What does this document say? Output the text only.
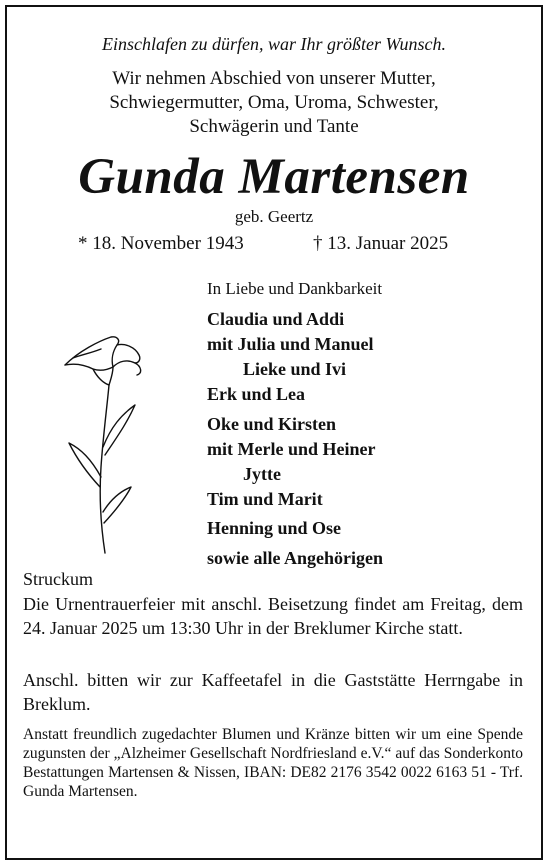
Einschlafen zu dürfen, war Ihr größter Wunsch.
Wir nehmen Abschied von unserer Mutter,
Schwiegermutter, Oma, Uroma, Schwester,
Schwägerin und Tante
Gunda Martensen
geb. Geertz
* 18. November 1943	† 13. Januar 2025
In Liebe und Dankbarkeit
Claudia und Addi
mit Julia und Manuel
Lieke und Ivi
Erk und Lea
Oke und Kirsten
mit Merle und Heiner
Jytte
Tim und Marit
Henning und Ose
sowie alle Angehörigen
Struckum
Die Urnentrauerfeier mit anschl. Beisetzung findet am Freitag, dem 24. Januar 2025 um 13:30 Uhr in der Breklumer Kirche statt.
Anschl. bitten wir zur Kaffeetafel in die Gaststätte Herrngabe in Breklum.
Anstatt freundlich zugedachter Blumen und Kränze bitten wir um eine Spende zugunsten der „Alzheimer Gesellschaft Nordfriesland e.V.“ auf das Sonderkonto Bestattungen Martensen & Nissen, IBAN: DE82 2176 3542 0022 6163 51 - Trf. Gunda Martensen.
